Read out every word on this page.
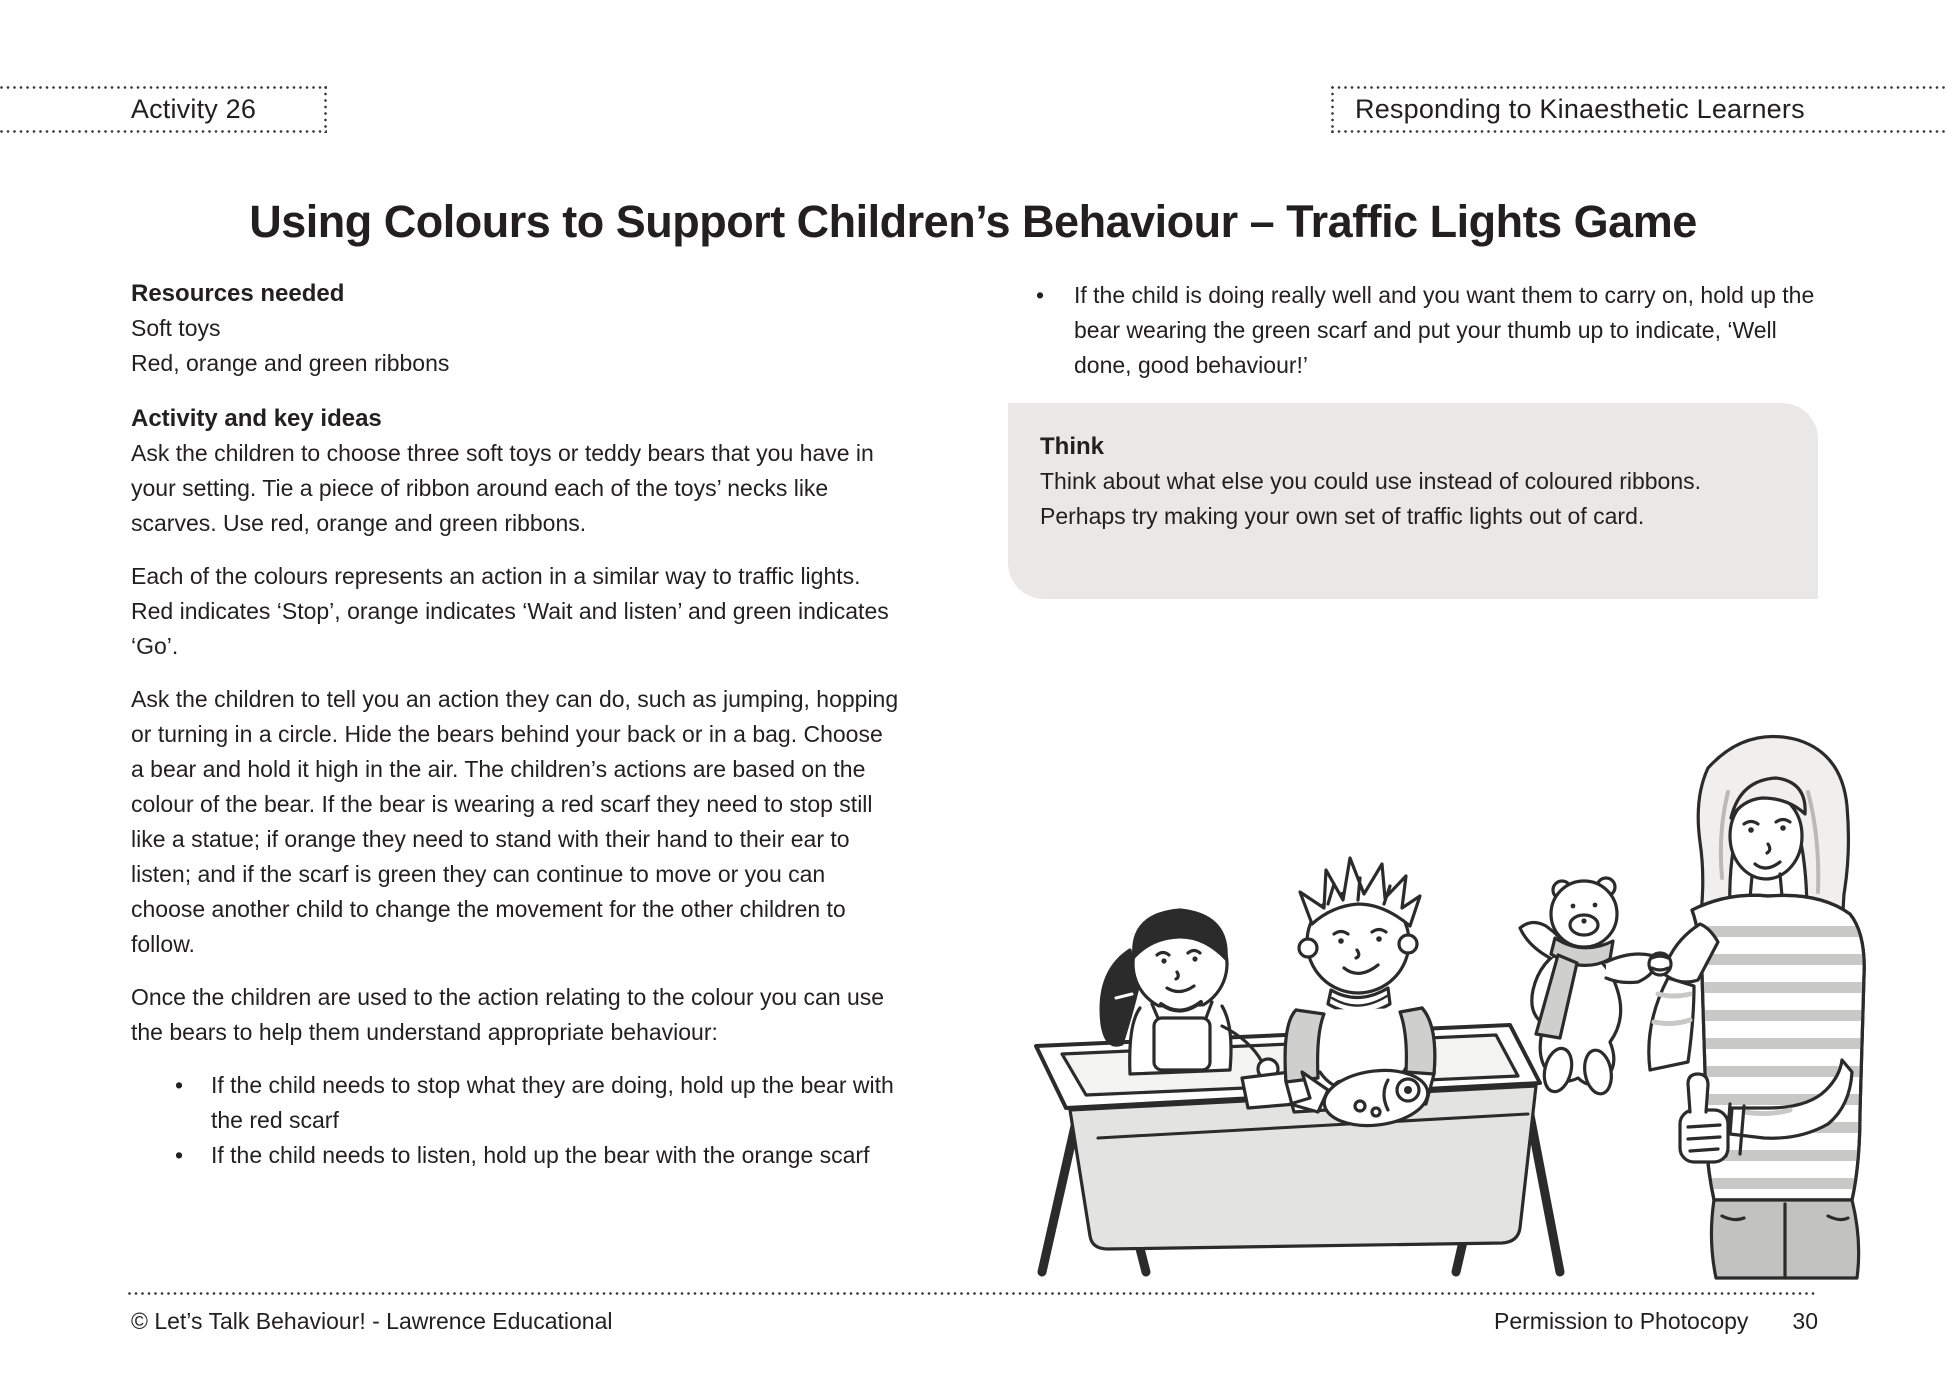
Activity 26	Responding to Kinaesthetic Learners
Using Colours to Support Children’s Behaviour – Traffic Lights Game
Resources needed
Soft toys
Red, orange and green ribbons
Activity and key ideas

Ask the children to choose three soft toys or teddy bears that you have in your setting. Tie a piece of ribbon around each of the toys’ necks like scarves. Use red, orange and green ribbons.

Each of the colours represents an action in a similar way to traffic lights. Red indicates ‘Stop’, orange indicates ‘Wait and listen’ and green indicates ‘Go’.

Ask the children to tell you an action they can do, such as jumping, hopping or turning in a circle. Hide the bears behind your back or in a bag. Choose a bear and hold it high in the air. The children’s actions are based on the colour of the bear. If the bear is wearing a red scarf they need to stop still like a statue; if orange they need to stand with their hand to their ear to listen; and if the scarf is green they can continue to move or you can choose another child to change the movement for the other children to follow.

Once the children are used to the action relating to the colour you can use the bears to help them understand appropriate behaviour:

• If the child needs to stop what they are doing, hold up the bear with the red scarf
• If the child needs to listen, hold up the bear with the orange scarf
• If the child is doing really well and you want them to carry on, hold up the bear wearing the green scarf and put your thumb up to indicate, ‘Well done, good behaviour!’
Think
Think about what else you could use instead of coloured ribbons. Perhaps try making your own set of traffic lights out of card.
© Let’s Talk Behaviour! - Lawrence Educational	Permission to Photocopy 30
